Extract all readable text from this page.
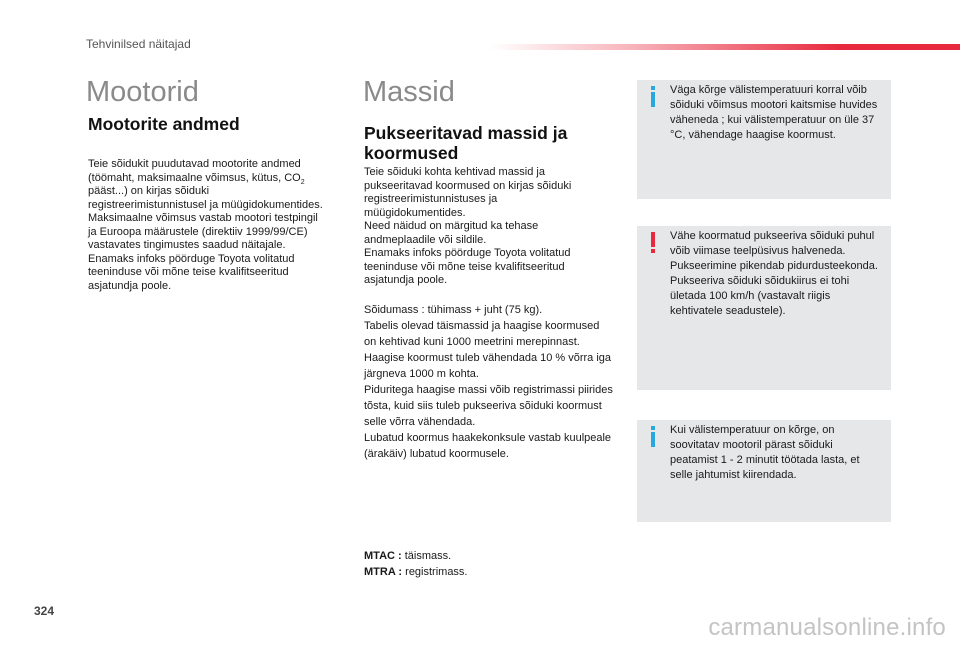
Tehvinilsed näitajad
Mootorid
Mootorite andmed

Teie sõidukit puudutavad mootorite andmed (töömaht, maksimaalne võimsus, kütus, $CO_2$ pääst...) on kirjas sõiduki registreerimistunnistusel ja müügidokumentides.
Maksimaalne võimsus vastab mootori testpingil ja Euroopa määrustele (direktiiv 1999/99/CE) vastavates tingimustes saadud näitajale.
Enamaks infoks pöörduge Toyota volitatud teeninduse või mõne teise kvalifitseeritud asjatundja poole.

Massid
Pukseeritavad massid ja koormused

Teie sõiduki kohta kehtivad massid ja pukseeritavad koormused on kirjas sõiduki registreerimistunnistuses ja müügidokumentides.
Need näidud on märgitud ka tehase andmeplaadile või sildile.
Enamaks infoks pöörduge Toyota volitatud teeninduse või mõne teise kvalifitseeritud asjatundja poole.

Sõidumass : tühimass + juht (75 kg).
Tabelis olevad täismassid ja haagise koormused on kehtivad kuni 1000 meetrini merepinnast. Haagise koormust tuleb vähendada 10 % võrra iga järgneva 1000 m kohta.
Piduritega haagise massi võib registrimassi piirides tõsta, kuid siis tuleb pukseeriva sõiduki koormust selle võrra vähendada.
Lubatud koormus haakekonksule vastab kuulpeale (ärakäiv) lubatud koormusele.

MTAC : täismass.
MTRA : registrimass.

Väga kõrge välistemperatuuri korral võib sõiduki võimsus mootori kaitsmise huvides väheneda ; kui välistemperatuur on üle 37 °C, vähendage haagise koormust.

Vähe koormatud pukseeriva sõiduki puhul võib viimase teelpüsivus halveneda.
Pukseerimine pikendab pidurdusteekonda.
Pukseeriva sõiduki sõidukiirus ei tohi ületada 100 km/h (vastavalt riigis kehtivatele seadustele).

Kui välistemperatuur on kõrge, on soovitatav mootoril pärast sõiduki peatamist 1 - 2 minutit töötada lasta, et selle jahtumist kiirendada.

324
carmanualsonline.info
